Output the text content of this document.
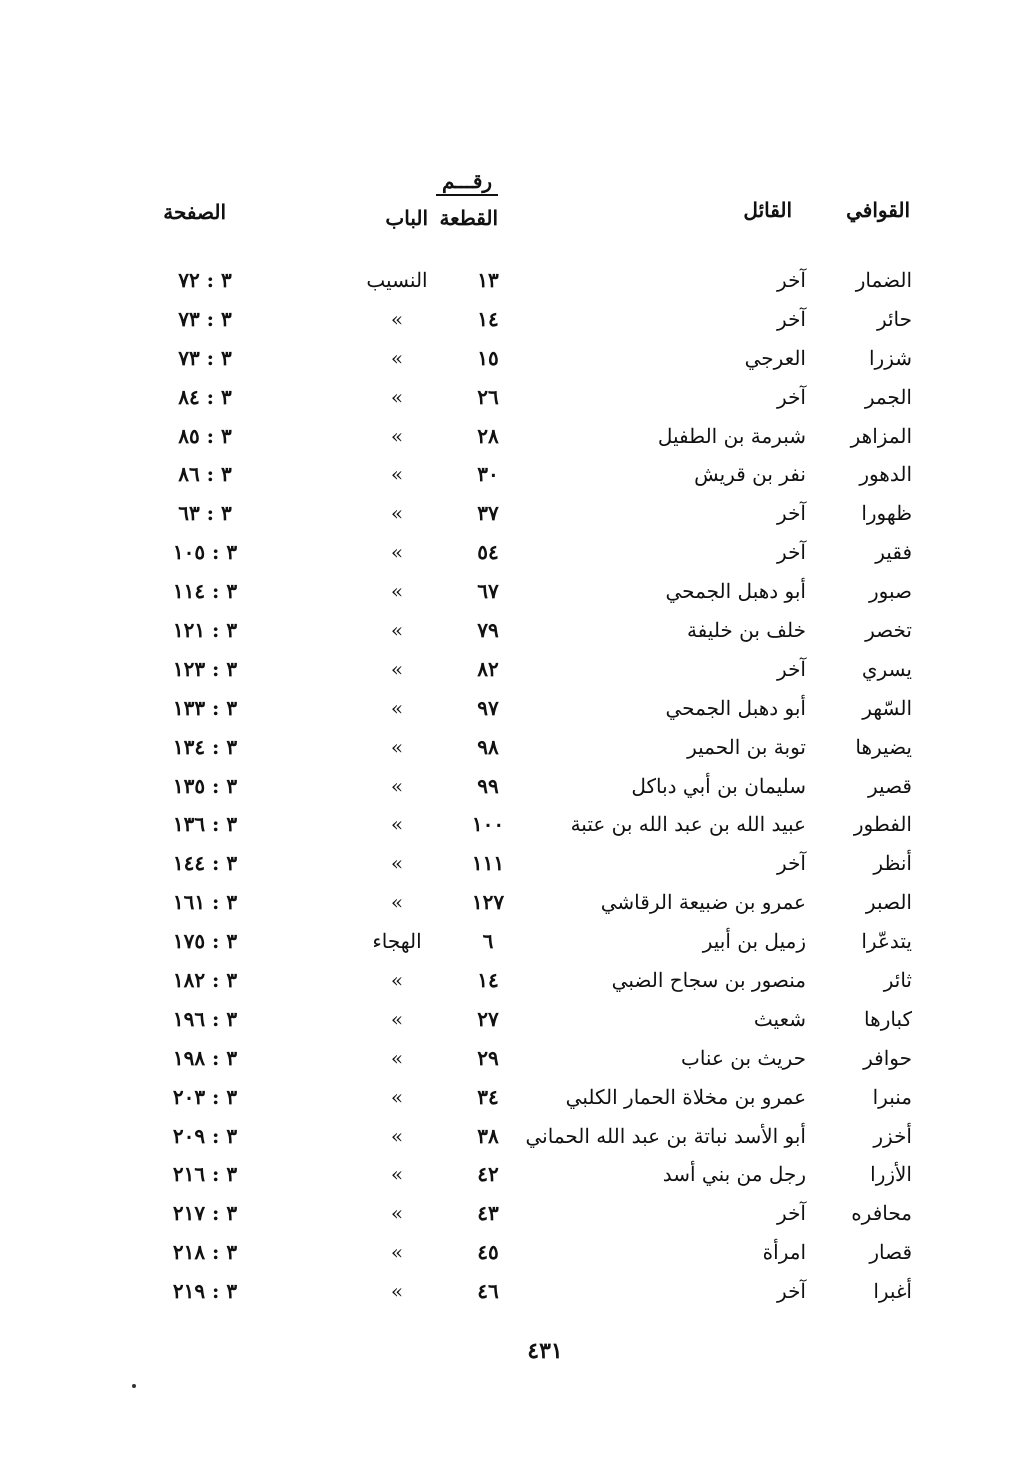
القوافي
القائل
رقـــم
القطعة
الباب
الصفحة
الضمار
آخر
١٣
النسيب
٣ : ٧٢
حائر
آخر
١٤
»
٣ : ٧٣
شزرا
العرجي
١٥
»
٣ : ٧٣
الجمر
آخر
٢٦
»
٣ : ٨٤
المزاهر
شبرمة بن الطفيل
٢٨
»
٣ : ٨٥
الدهور
نفر بن قريش
٣٠
»
٣ : ٨٦
ظهورا
آخر
٣٧
»
٣ : ٦٣
فقير
آخر
٥٤
»
٣ : ١٠٥
صبور
أبو دهبل الجمحي
٦٧
»
٣ : ١١٤
تخصر
خلف بن خليفة
٧٩
»
٣ : ١٢١
يسري
آخر
٨٢
»
٣ : ١٢٣
السّهر
أبو دهبل الجمحي
٩٧
»
٣ : ١٣٣
يضيرها
توبة بن الحمير
٩٨
»
٣ : ١٣٤
قصير
سليمان بن أبي دباكل
٩٩
»
٣ : ١٣٥
الفطور
عبيد الله بن عبد الله بن عتبة
١٠٠
»
٣ : ١٣٦
أنظر
آخر
١١١
»
٣ : ١٤٤
الصبر
عمرو بن ضبيعة الرقاشي
١٢٧
»
٣ : ١٦١
يتدعّرا
زميل بن أبير
٦
الهجاء
٣ : ١٧٥
ثائر
منصور بن سجاح الضبي
١٤
»
٣ : ١٨٢
كبارها
شعيث
٢٧
»
٣ : ١٩٦
حوافر
حريث بن عناب
٢٩
»
٣ : ١٩٨
منبرا
عمرو بن مخلاة الحمار الكلبي
٣٤
»
٣ : ٢٠٣
أخزر
أبو الأسد نباتة بن عبد الله الحماني
٣٨
»
٣ : ٢٠٩
الأزرا
رجل من بني أسد
٤٢
»
٣ : ٢١٦
محافره
آخر
٤٣
»
٣ : ٢١٧
قصار
امرأة
٤٥
»
٣ : ٢١٨
أغبرا
آخر
٤٦
»
٣ : ٢١٩
٤٣١
